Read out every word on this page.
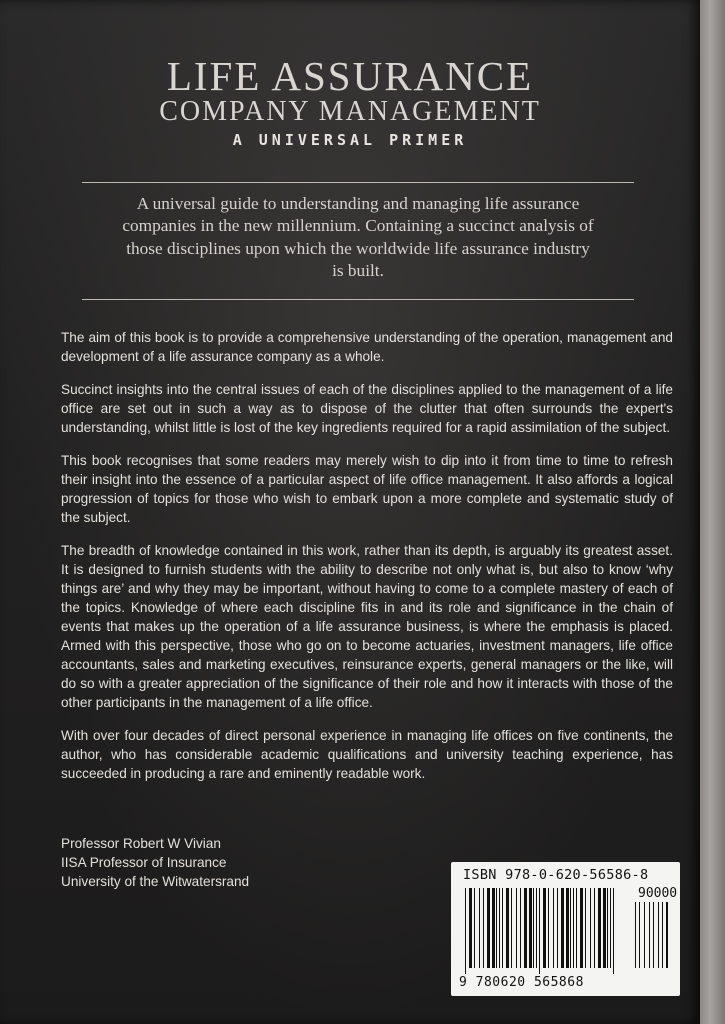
LIFE ASSURANCE
COMPANY MANAGEMENT
A UNIVERSAL PRIMER
A universal guide to understanding and managing life assurance companies in the new millennium. Containing a succinct analysis of those disciplines upon which the worldwide life assurance industry is built.

The aim of this book is to provide a comprehensive understanding of the operation, management and development of a life assurance company as a whole.

Succinct insights into the central issues of each of the disciplines applied to the management of a life office are set out in such a way as to dispose of the clutter that often surrounds the expert's understanding, whilst little is lost of the key ingredients required for a rapid assimilation of the subject.

This book recognises that some readers may merely wish to dip into it from time to time to refresh their insight into the essence of a particular aspect of life office management. It also affords a logical progression of topics for those who wish to embark upon a more complete and systematic study of the subject.

The breadth of knowledge contained in this work, rather than its depth, is arguably its greatest asset. It is designed to furnish students with the ability to describe not only what is, but also to know ‘why things are’ and why they may be important, without having to come to a complete mastery of each of the topics. Knowledge of where each discipline fits in and its role and significance in the chain of events that makes up the operation of a life assurance business, is where the emphasis is placed. Armed with this perspective, those who go on to become actuaries, investment managers, life office accountants, sales and marketing executives, reinsurance experts, general managers or the like, will do so with a greater appreciation of the significance of their role and how it interacts with those of the other participants in the management of a life office.

With over four decades of direct personal experience in managing life offices on five continents, the author, who has considerable academic qualifications and university teaching experience, has succeeded in producing a rare and eminently readable work.

Professor Robert W Vivian
IISA Professor of Insurance
University of the Witwatersrand	ISBN 978-0-620-56586-8
90000
9 780620 565868
